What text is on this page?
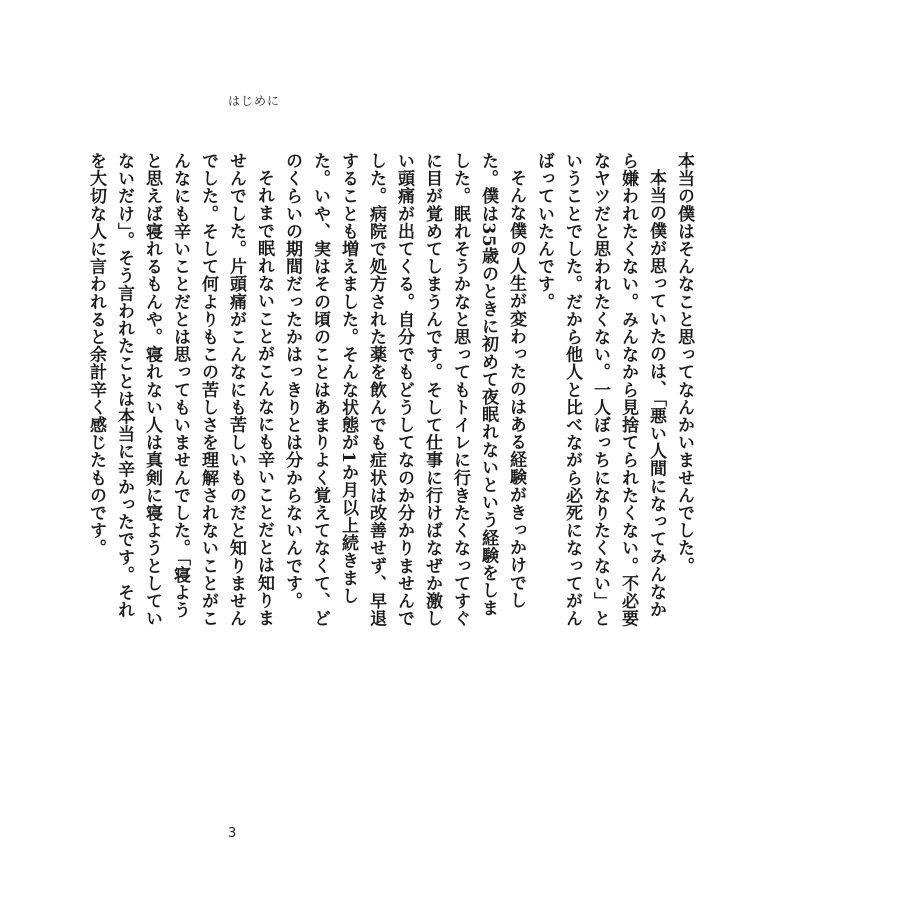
はじめに

本当の僕はそんなこと思ってなんかいませんでした。

本当の僕が思っていたのは、「悪い人間になってみんなから嫌われたくない。みんなから見捨てられたくない。不必要なヤツだと思われたくない。一人ぼっちになりたくない」ということでした。だから他人と比べながら必死になってがんばっていたんです。

そんな僕の人生が変わったのはある経験がきっかけでした。僕は35歳のときに初めて夜眠れないという経験をしました。眠れそうかなと思ってもトイレに行きたくなってすぐに目が覚めてしまうんです。そして仕事に行けばなぜか激しい頭痛が出てくる。自分でもどうしてなのか分かりませんでした。病院で処方された薬を飲んでも症状は改善せず、早退することも増えました。そんな状態が1か月以上続きました。いや、実はその頃のことはあまりよく覚えてなくて、どのくらいの期間だったかはっきりとは分からないんです。

それまで眠れないことがこんなにも辛いことだとは知りませんでした。片頭痛がこんなにも苦しいものだと知りませんでした。そして何よりもこの苦しさを理解されないことがこんなにも辛いことだとは思ってもいませんでした。「寝ようと思えば寝れるもんや。寝れない人は真剣に寝ようとしていないだけ」。そう言われたことは本当に辛かったです。それを大切な人に言われると余計辛く感じたものです。

3
